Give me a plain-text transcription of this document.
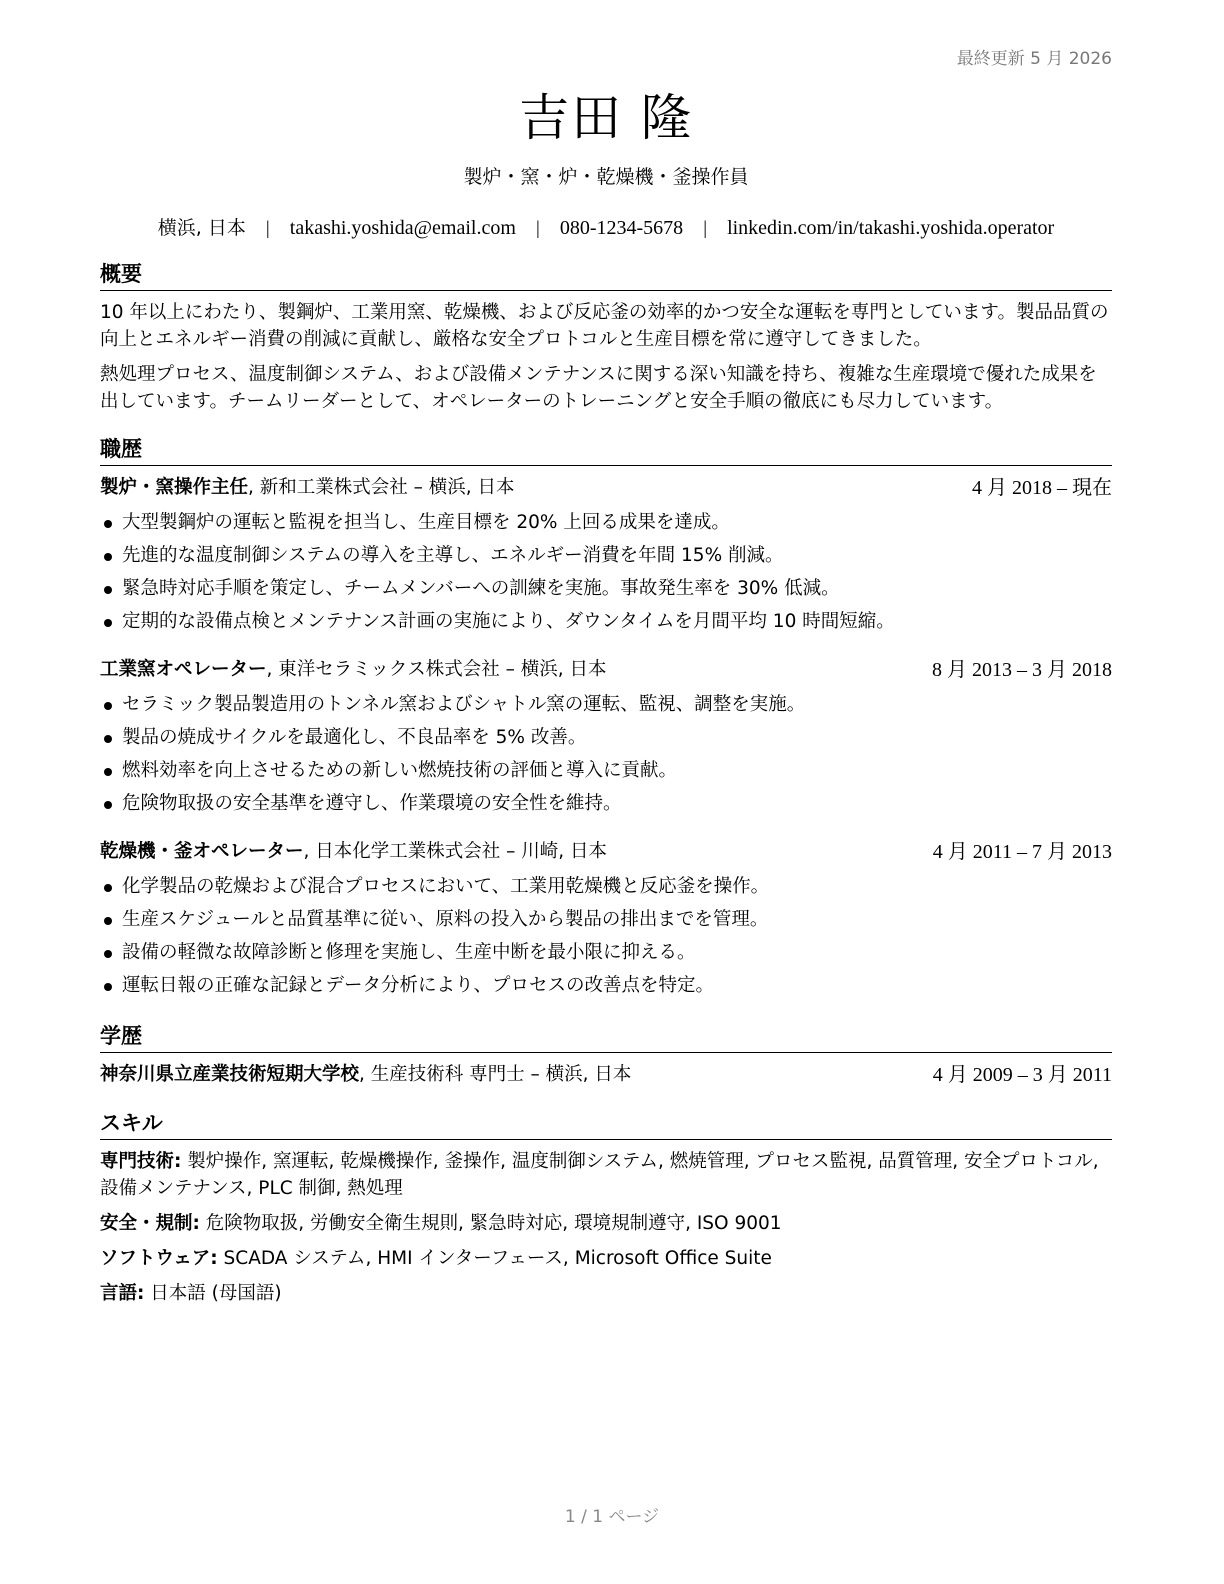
最終更新 5 月 2026
吉田 隆
製炉・窯・炉・乾燥機・釜操作員
横浜, 日本 | takashi.yoshida@email.com | 080-1234-5678 | linkedin.com/in/takashi.yoshida.operator
概要

10 年以上にわたり、製鋼炉、工業用窯、乾燥機、および反応釜の効率的かつ安全な運転を専門としています。製品品質の向上とエネルギー消費の削減に貢献し、厳格な安全プロトコルと生産目標を常に遵守してきました。

熱処理プロセス、温度制御システム、および設備メンテナンスに関する深い知識を持ち、複雑な生産環境で優れた成果を出しています。チームリーダーとして、オペレーターのトレーニングと安全手順の徹底にも尽力しています。

職歴
製炉・窯操作主任, 新和工業株式会社 – 横浜, 日本	4 月 2018 – 現在
大型製鋼炉の運転と監視を担当し、生産目標を 20% 上回る成果を達成。
先進的な温度制御システムの導入を主導し、エネルギー消費を年間 15% 削減。
緊急時対応手順を策定し、チームメンバーへの訓練を実施。事故発生率を 30% 低減。
定期的な設備点検とメンテナンス計画の実施により、ダウンタイムを月間平均 10 時間短縮。
工業窯オペレーター, 東洋セラミックス株式会社 – 横浜, 日本	8 月 2013 – 3 月 2018
セラミック製品製造用のトンネル窯およびシャトル窯の運転、監視、調整を実施。
製品の焼成サイクルを最適化し、不良品率を 5% 改善。
燃料効率を向上させるための新しい燃焼技術の評価と導入に貢献。
危険物取扱の安全基準を遵守し、作業環境の安全性を維持。
乾燥機・釜オペレーター, 日本化学工業株式会社 – 川崎, 日本	4 月 2011 – 7 月 2013
化学製品の乾燥および混合プロセスにおいて、工業用乾燥機と反応釜を操作。
生産スケジュールと品質基準に従い、原料の投入から製品の排出までを管理。
設備の軽微な故障診断と修理を実施し、生産中断を最小限に抑える。
運転日報の正確な記録とデータ分析により、プロセスの改善点を特定。
学歴
神奈川県立産業技術短期大学校, 生産技術科 専門士 – 横浜, 日本	4 月 2009 – 3 月 2011
スキル
専門技術: 製炉操作, 窯運転, 乾燥機操作, 釜操作, 温度制御システム, 燃焼管理, プロセス監視, 品質管理, 安全プロトコル, 設備メンテナンス, PLC 制御, 熱処理
安全・規制: 危険物取扱, 労働安全衛生規則, 緊急時対応, 環境規制遵守, ISO 9001
ソフトウェア: SCADA システム, HMI インターフェース, Microsoft Office Suite
言語: 日本語 (母国語)
1 / 1 ページ
